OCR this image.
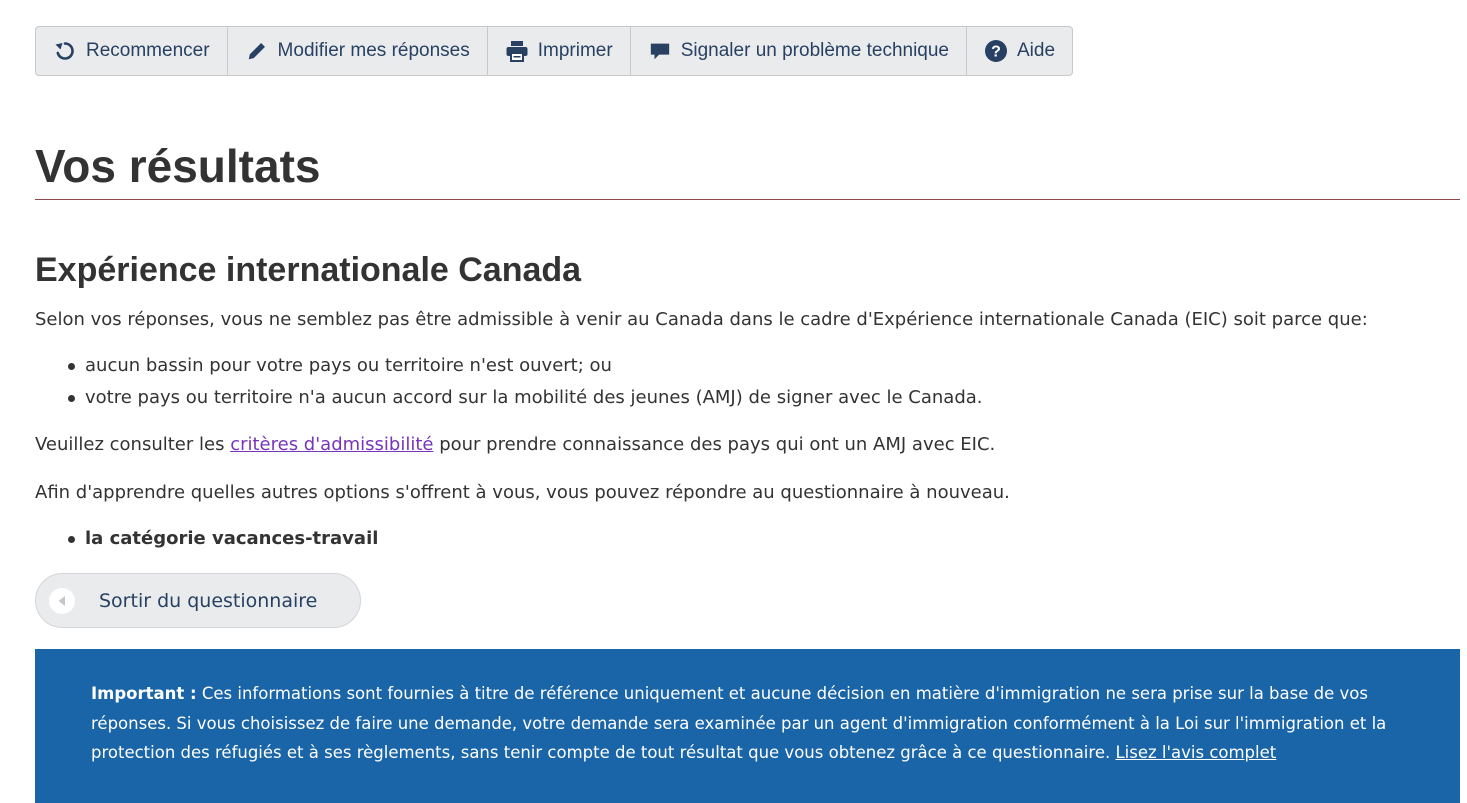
Recommencer	Modifier mes réponses	Imprimer	Signaler un problème technique	? Aide
Vos résultats
Expérience internationale Canada

Selon vos réponses, vous ne semblez pas être admissible à venir au Canada dans le cadre d'Expérience internationale Canada (EIC) soit parce que:

aucun bassin pour votre pays ou territoire n'est ouvert; ou
votre pays ou territoire n'a aucun accord sur la mobilité des jeunes (AMJ) de signer avec le Canada.

Veuillez consulter les critères d'admissibilité pour prendre connaissance des pays qui ont un AMJ avec EIC.

Afin d'apprendre quelles autres options s'offrent à vous, vous pouvez répondre au questionnaire à nouveau.

la catégorie vacances-travail
Sortir du questionnaire
Important : Ces informations sont fournies à titre de référence uniquement et aucune décision en matière d'immigration ne sera prise sur la base de vos réponses. Si vous choisissez de faire une demande, votre demande sera examinée par un agent d'immigration conformément à la Loi sur l'immigration et la protection des réfugiés et à ses règlements, sans tenir compte de tout résultat que vous obtenez grâce à ce questionnaire. Lisez l'avis complet
